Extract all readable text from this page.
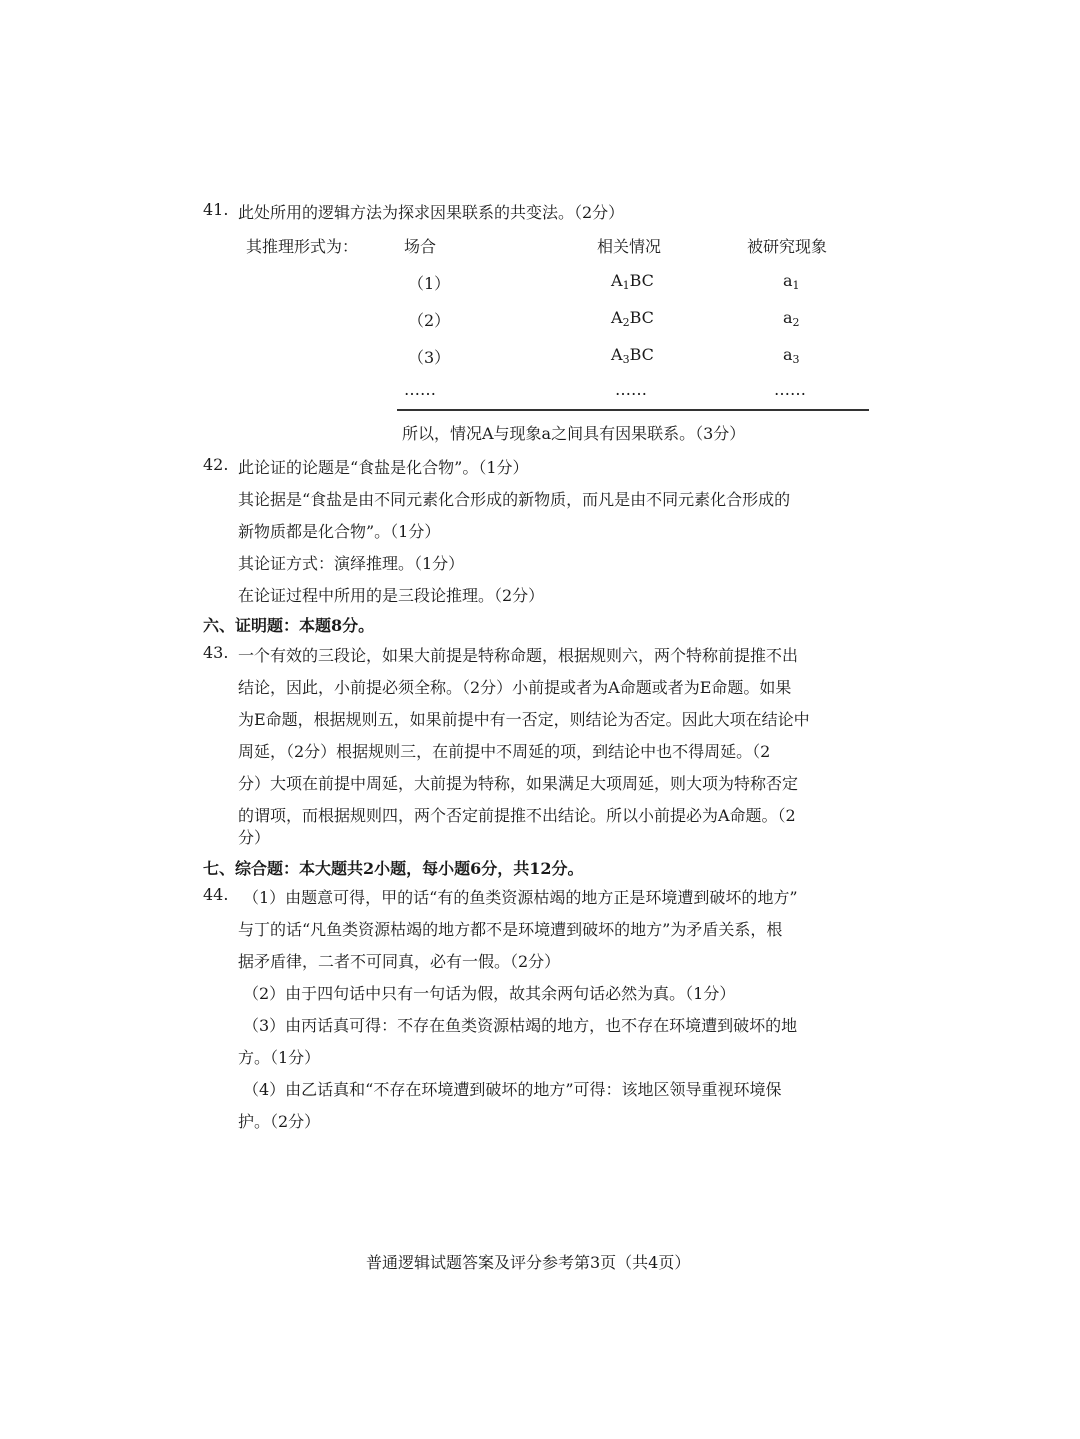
41. 此处所用的逻辑方法为探求因果联系的共变法。（2分）
其推理形式为：	场合	相关情况	被研究现象
（1）	$A_1BC$	$a_1$
（2）	$A_2BC$	$a_2$
（3）	$A_3BC$	$a_3$
……	……	……
所以，情况A与现象a之间具有因果联系。（3分）
42. 此论证的论题是“食盐是化合物”。（1分）
其论据是“食盐是由不同元素化合形成的新物质，而凡是由不同元素化合形成的
新物质都是化合物”。（1分）
其论证方式：演绎推理。（1分）
在论证过程中所用的是三段论推理。（2分）
六、证明题：本题8分。
43. 一个有效的三段论，如果大前提是特称命题，根据规则六，两个特称前提推不出
结论，因此，小前提必须全称。（2分）小前提或者为A命题或者为E命题。如果
为E命题，根据规则五，如果前提中有一否定，则结论为否定。因此大项在结论中
周延，（2分）根据规则三，在前提中不周延的项，到结论中也不得周延。（2
分）大项在前提中周延，大前提为特称，如果满足大项周延，则大项为特称否定
的谓项，而根据规则四，两个否定前提推不出结论。所以小前提必为A命题。（2
分）
七、综合题：本大题共2小题，每小题6分，共12分。
44. （1）由题意可得，甲的话“有的鱼类资源枯竭的地方正是环境遭到破坏的地方”
与丁的话“凡鱼类资源枯竭的地方都不是环境遭到破坏的地方”为矛盾关系，根
据矛盾律，二者不可同真，必有一假。（2分）
（2）由于四句话中只有一句话为假，故其余两句话必然为真。（1分）
（3）由丙话真可得：不存在鱼类资源枯竭的地方，也不存在环境遭到破坏的地
方。（1分）
（4）由乙话真和“不存在环境遭到破坏的地方”可得：该地区领导重视环境保
护。（2分）
普通逻辑试题答案及评分参考第3页（共4页）
